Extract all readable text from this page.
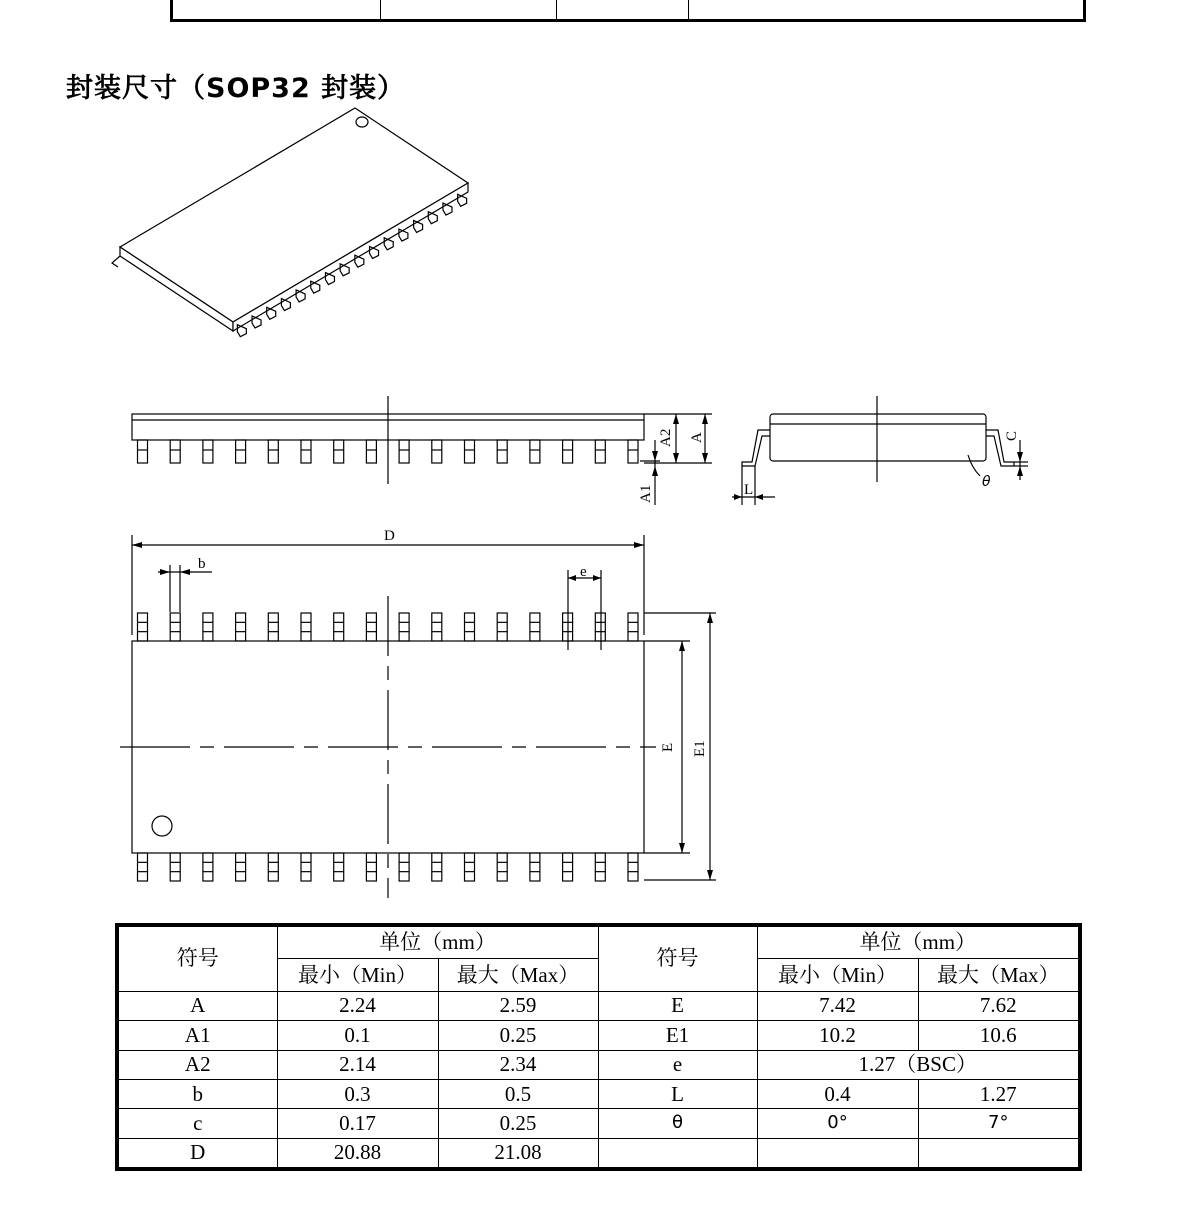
封装尺寸（SOP32 封装）
D
b	e
E E1
A2 A
A1	L
C
θ
符号	单位（mm）		符号	单位（mm）	
	最小（Min）	最大（Max）		最小（Min）	最大（Max）
A	2.24	2.59	E	7.42	7.62
A1	0.1	0.25	E1	10.2	10.6
A2	2.14	2.34	e	1.27（BSC）	
b	0.3	0.5	L	0.4	1.27
c	0.17	0.25	θ	0°	7°
D	20.88	21.08			
